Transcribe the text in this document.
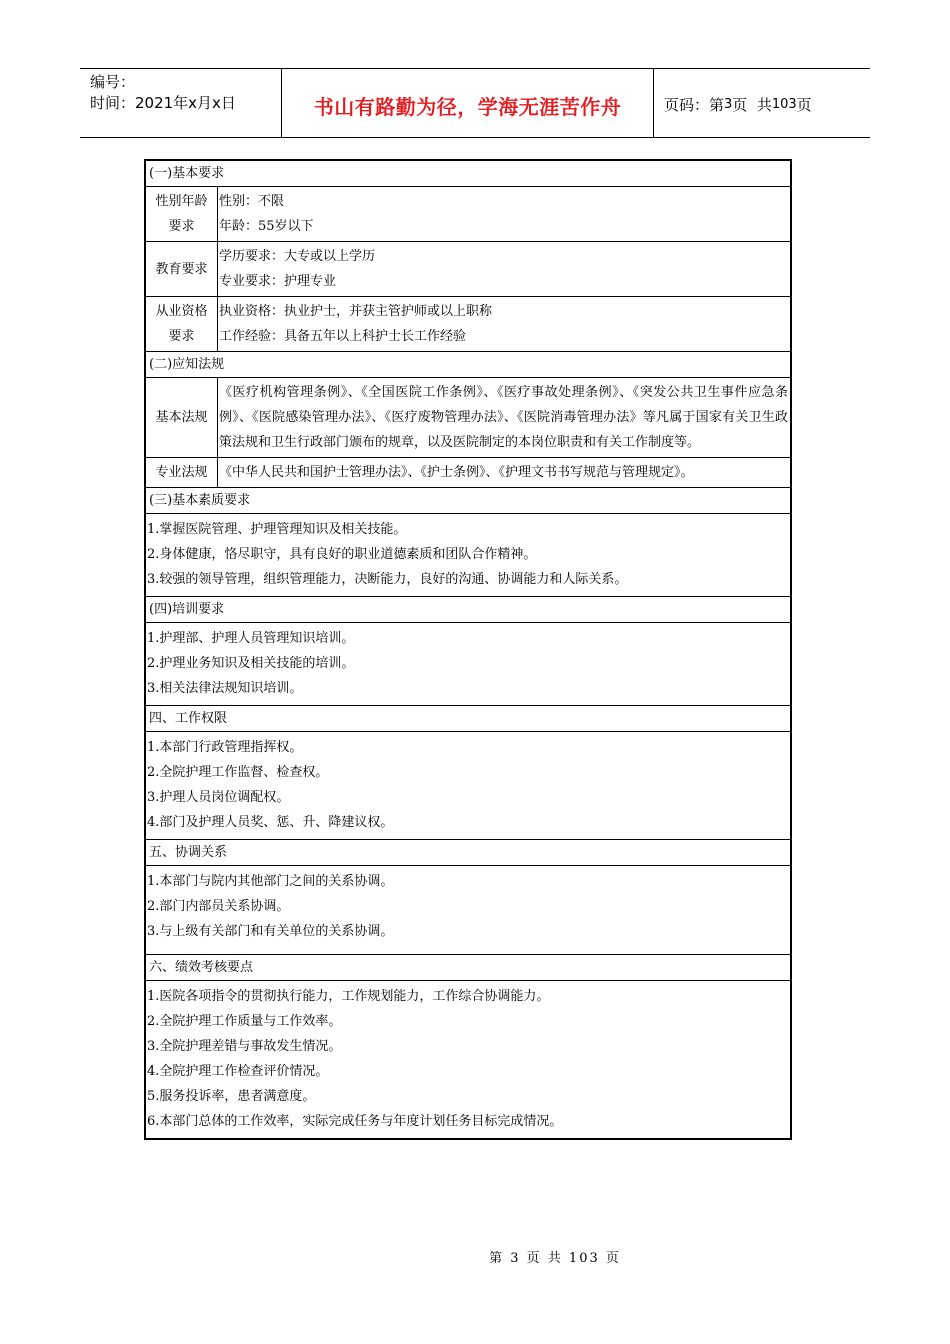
编号：
时间：2021年x月x日	书山有路勤为径，学海无涯苦作舟	页码：第 3 页  共 103 页
(一)基本要求
性别年龄
要求
性别：不限
年龄：55岁以下
教育要求
学历要求：大专或以上学历
专业要求：护理专业
从业资格
要求
执业资格：执业护士，并获主管护师或以上职称
工作经验：具备五年以上科护士长工作经验
(二)应知法规
基本法规
《医疗机构管理条例》、《全国医院工作条例》、《医疗事故处理条例》、《突发公共卫生事件应急条例》、《医院感染管理办法》、《医疗废物管理办法》、《医院消毒管理办法》等凡属于国家有关卫生政策法规和卫生行政部门颁布的规章，以及医院制定的本岗位职责和有关工作制度等。
专业法规 《中华人民共和国护士管理办法》、《护士条例》、《护理文书书写规范与管理规定》。
(三)基本素质要求
1.掌握医院管理、护理管理知识及相关技能。
2.身体健康，恪尽职守，具有良好的职业道德素质和团队合作精神。
3.较强的领导管理，组织管理能力，决断能力，良好的沟通、协调能力和人际关系。
(四)培训要求
1.护理部、护理人员管理知识培训。
2.护理业务知识及相关技能的培训。
3.相关法律法规知识培训。
四、工作权限
1.本部门行政管理指挥权。
2.全院护理工作监督、检查权。
3.护理人员岗位调配权。
4.部门及护理人员奖、惩、升、降建议权。
五、协调关系
1.本部门与院内其他部门之间的关系协调。
2.部门内部员关系协调。
3.与上级有关部门和有关单位的关系协调。
六、绩效考核要点
1.医院各项指令的贯彻执行能力，工作规划能力，工作综合协调能力。
2.全院护理工作质量与工作效率。
3.全院护理差错与事故发生情况。
4.全院护理工作检查评价情况。
5.服务投诉率，患者满意度。
6.本部门总体的工作效率，实际完成任务与年度计划任务目标完成情况。
第 3 页 共 103 页
